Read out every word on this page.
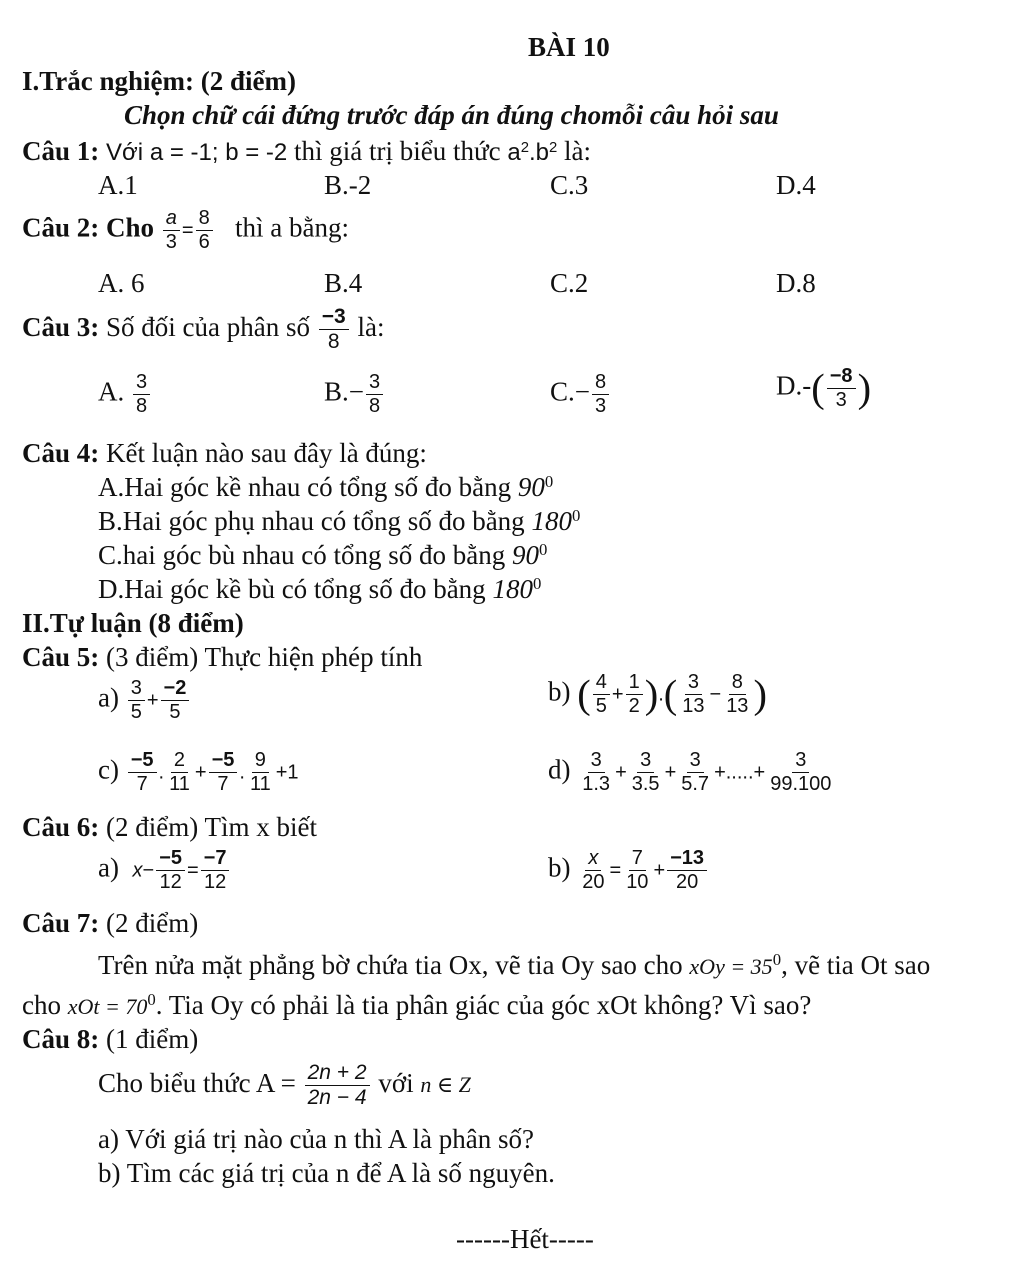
BÀI 10
I.Trắc nghiệm: (2 điểm)
Chọn chữ cái đứng trước đáp án đúng chomỗi câu hỏi sau
Câu 1: Với a = -1; b = -2 thì giá trị biểu thức $a^2.b^2$ là:
A.1	B.-2	C.3	D.4
Câu 2: Cho $\frac{a}{3} = \frac{8}{6}$ thì a bằng:
A. 6	B.4	C.2	D.8
Câu 3: Số đối của phân số $\frac{-3}{8}$ là:
A. $\frac{3}{8}$	$B.- \frac{3}{8}$	$C.- \frac{8}{3}$	$D.-( \frac{-8}{3}$ )
Câu 4: Kết luận nào sau đây là đúng:
A.Hai góc kề nhau có tổng số đo bằng $90^0$
B.Hai góc phụ nhau có tổng số đo bằng $180^0$
C.hai góc bù nhau có tổng số đo bằng $90^0$
D.Hai góc kề bù có tổng số đo bằng $180^0$
II.Tự luận (8 điểm)
Câu 5: (3 điểm) Thực hiện phép tính
$a) \frac{3}{5} + \frac{-2}{5}$	b) ( $\frac{4}{5} + \frac{1}{2}$ ).( $\frac{3}{13} - \frac{8}{13}$ )
$c) \frac{-5}{7}$ . $\frac{2}{11} + \frac{-5}{7}$ . $\frac{9}{11} +1$	$d) \frac{3}{1.3} + \frac{3}{3.5} + \frac{3}{5.7}$ +.....+ $\frac{3}{99.100}$
Câu 6: (2 điểm) Tìm x biết
a) $x- \frac{-5}{12} = \frac{-7}{12}$	$b) \frac{x}{20} = \frac{7}{10} + \frac{-13}{20}$
Câu 7: (2 điểm)
Trên nửa mặt phẳng bờ chứa tia Ox, vẽ tia Oy sao cho xOy = $35^0$, vẽ tia Ot sao
cho xOt = $70^0$. Tia Oy có phải là tia phân giác của góc xOt không? Vì sao?
Câu 8: (1 điểm)
Cho biểu thức $A = \frac{2n + 2}{2n - 4}$ với n ∈ Z
a) Với giá trị nào của n thì A là phân số?
b) Tìm các giá trị của n để A là số nguyên.
------Hết-----
